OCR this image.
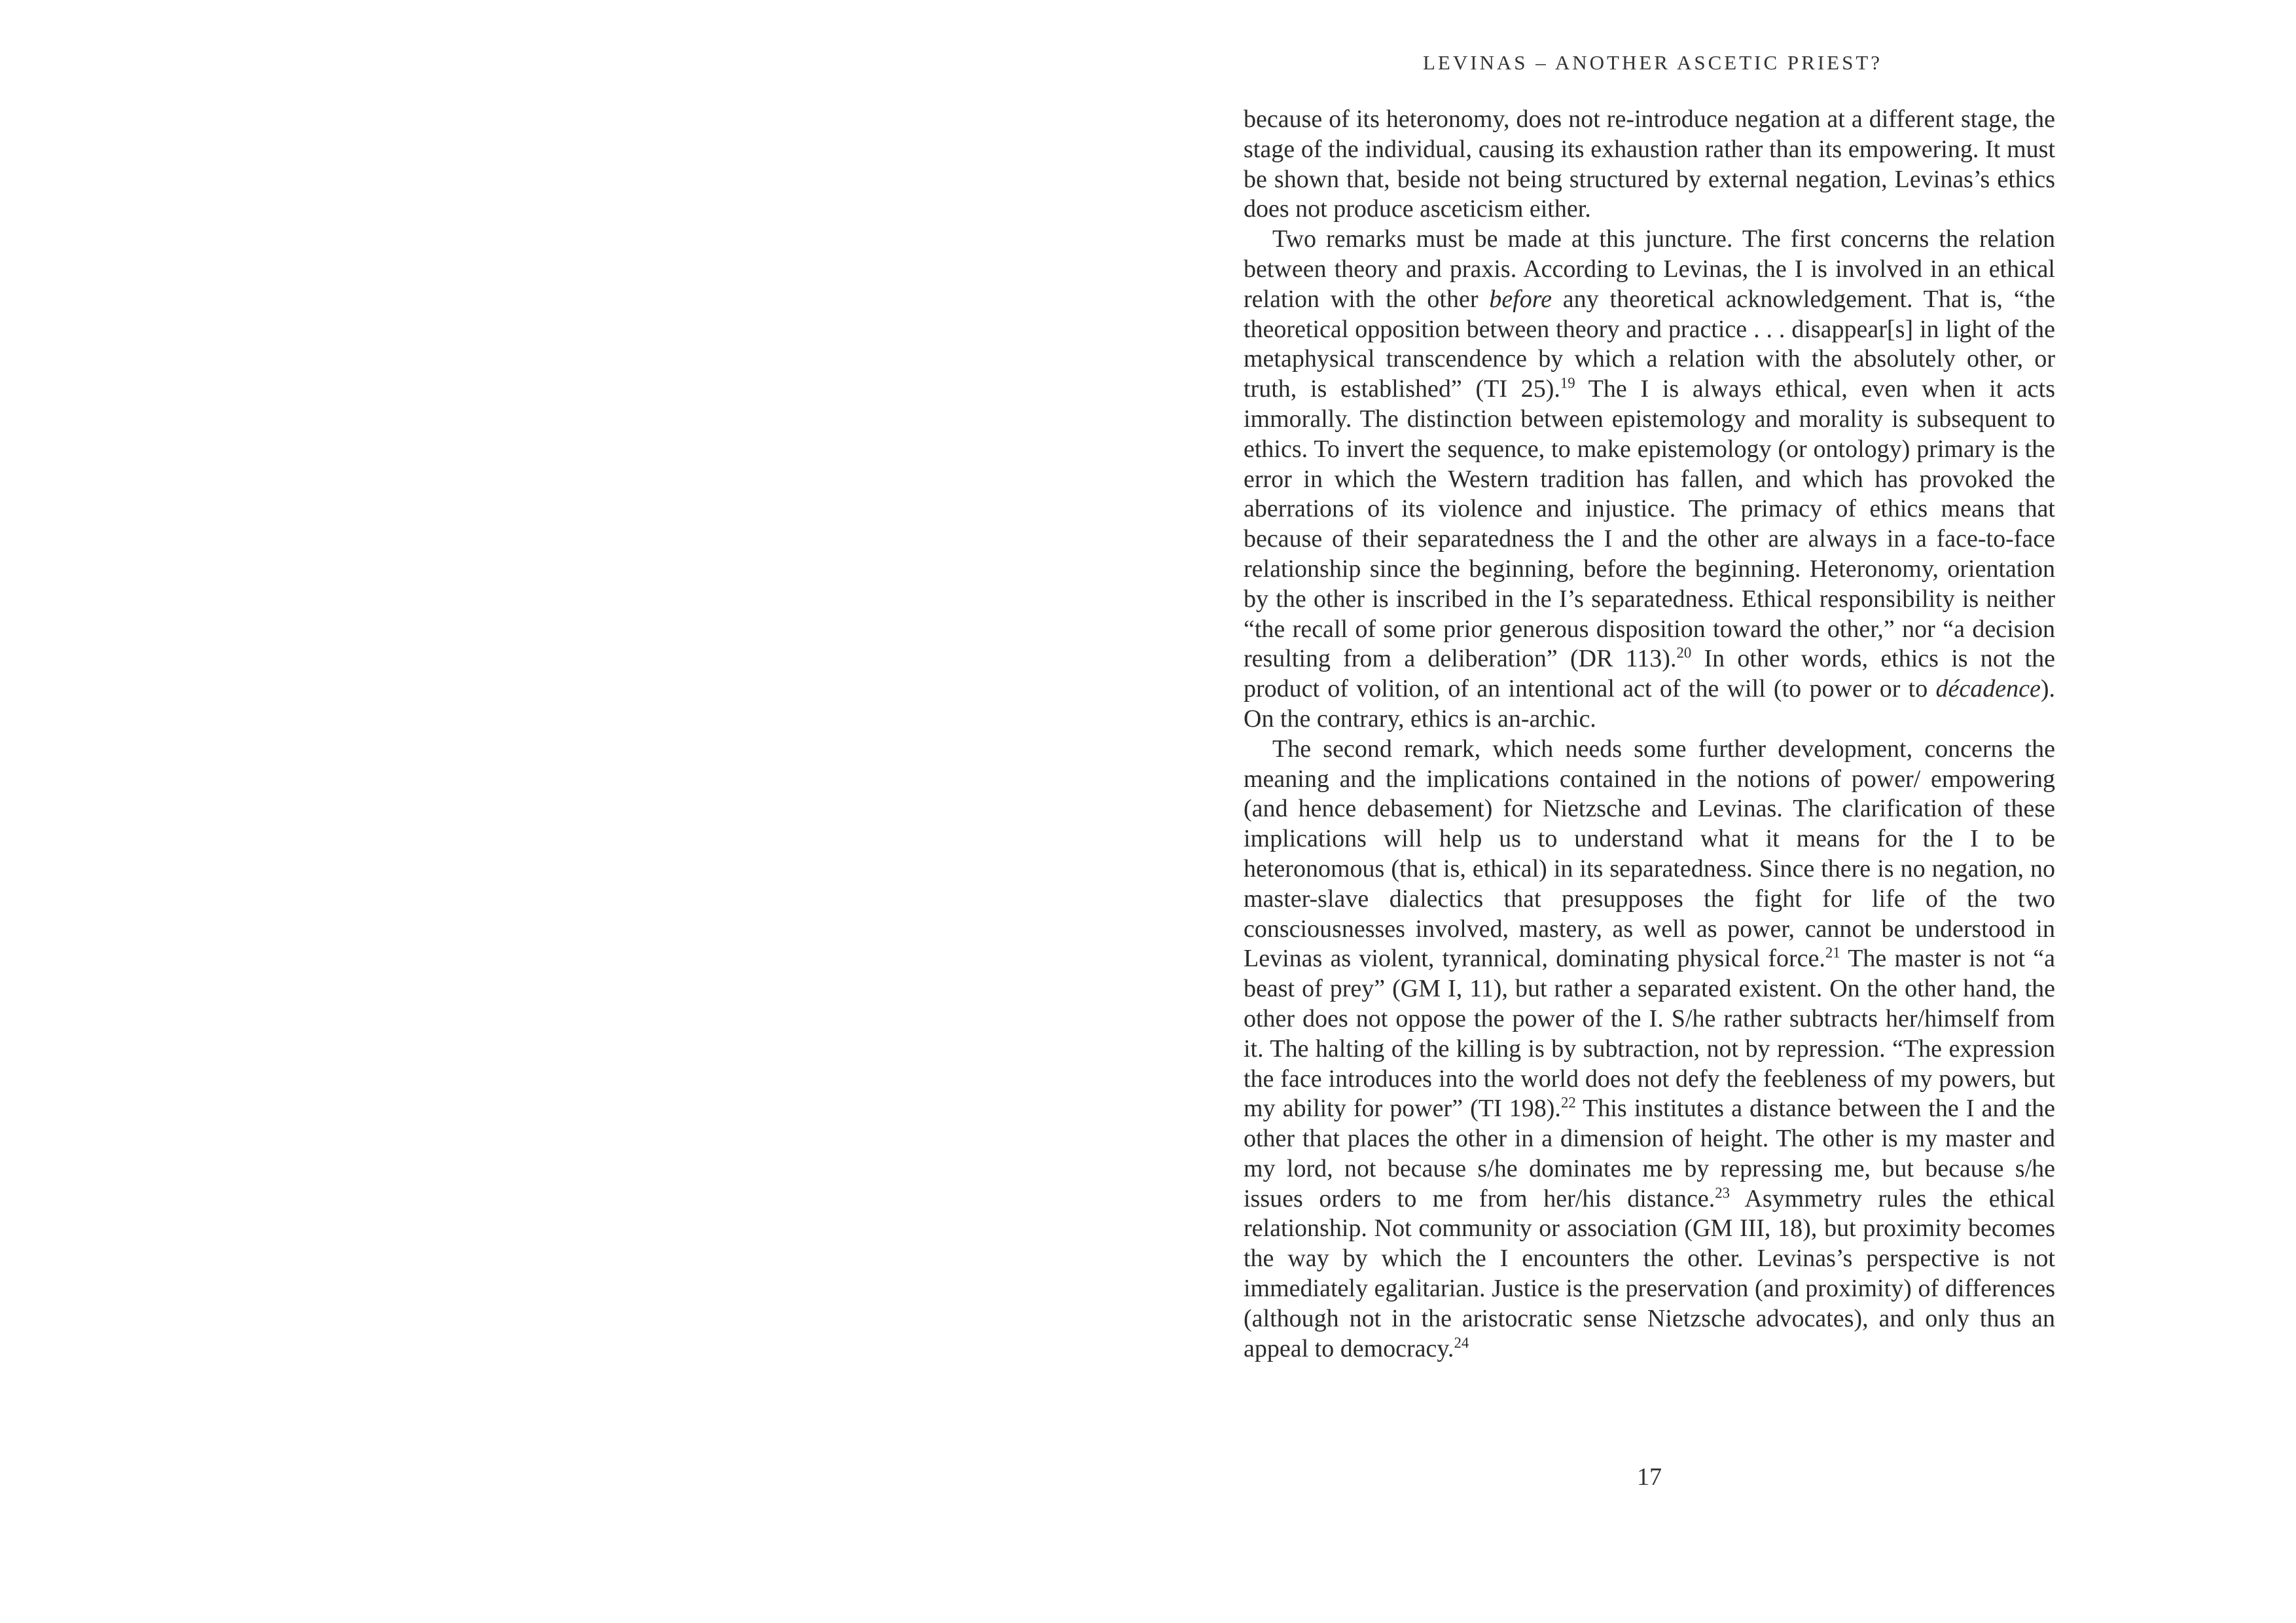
LEVINAS – ANOTHER ASCETIC PRIEST?

because of its heteronomy, does not re-introduce negation at a different stage, the stage of the individual, causing its exhaustion rather than its empowering. It must be shown that, beside not being structured by external negation, Levinas’s ethics does not produce asceticism either.

Two remarks must be made at this juncture. The first concerns the relation between theory and praxis. According to Levinas, the I is involved in an ethical relation with the other before any theoretical acknowledgement. That is, “the theoretical opposition between theory and practice . . . disappear[s] in light of the metaphysical transcendence by which a relation with the absolutely other, or truth, is established” (TI 25).$^{19}$ The I is always ethical, even when it acts immorally. The distinction between epistemology and morality is subsequent to ethics. To invert the sequence, to make epistemology (or ontology) primary is the error in which the Western tradition has fallen, and which has provoked the aberrations of its violence and injustice. The primacy of ethics means that because of their separatedness the I and the other are always in a face-to-face relationship since the beginning, before the beginning. Heteronomy, orientation by the other is inscribed in the I’s separatedness. Ethical responsibility is neither “the recall of some prior generous disposition toward the other,” nor “a decision resulting from a deliberation” (DR 113).$^{20}$ In other words, ethics is not the product of volition, of an intentional act of the will (to power or to décadence). On the contrary, ethics is an-archic.

The second remark, which needs some further development, concerns the meaning and the implications contained in the notions of power/ empowering (and hence debasement) for Nietzsche and Levinas. The clarification of these implications will help us to understand what it means for the I to be heteronomous (that is, ethical) in its separatedness. Since there is no negation, no master-slave dialectics that presupposes the fight for life of the two consciousnesses involved, mastery, as well as power, cannot be understood in Levinas as violent, tyrannical, dominating physical force.$^{21}$ The master is not “a beast of prey” (GM I, 11), but rather a separated existent. On the other hand, the other does not oppose the power of the I. S/he rather subtracts her/himself from it. The halting of the killing is by subtraction, not by repression. “The expression the face introduces into the world does not defy the feebleness of my powers, but my ability for power” (TI 198).$^{22}$ This institutes a distance between the I and the other that places the other in a dimension of height. The other is my master and my lord, not because s/he dominates me by repressing me, but because s/he issues orders to me from her/his distance.$^{23}$ Asymmetry rules the ethical relationship. Not community or association (GM III, 18), but proximity becomes the way by which the I encounters the other. Levinas’s perspective is not immediately egalitarian. Justice is the preservation (and proximity) of differences (although not in the aristocratic sense Nietzsche advocates), and only thus an appeal to democracy.$^{24}$

17
